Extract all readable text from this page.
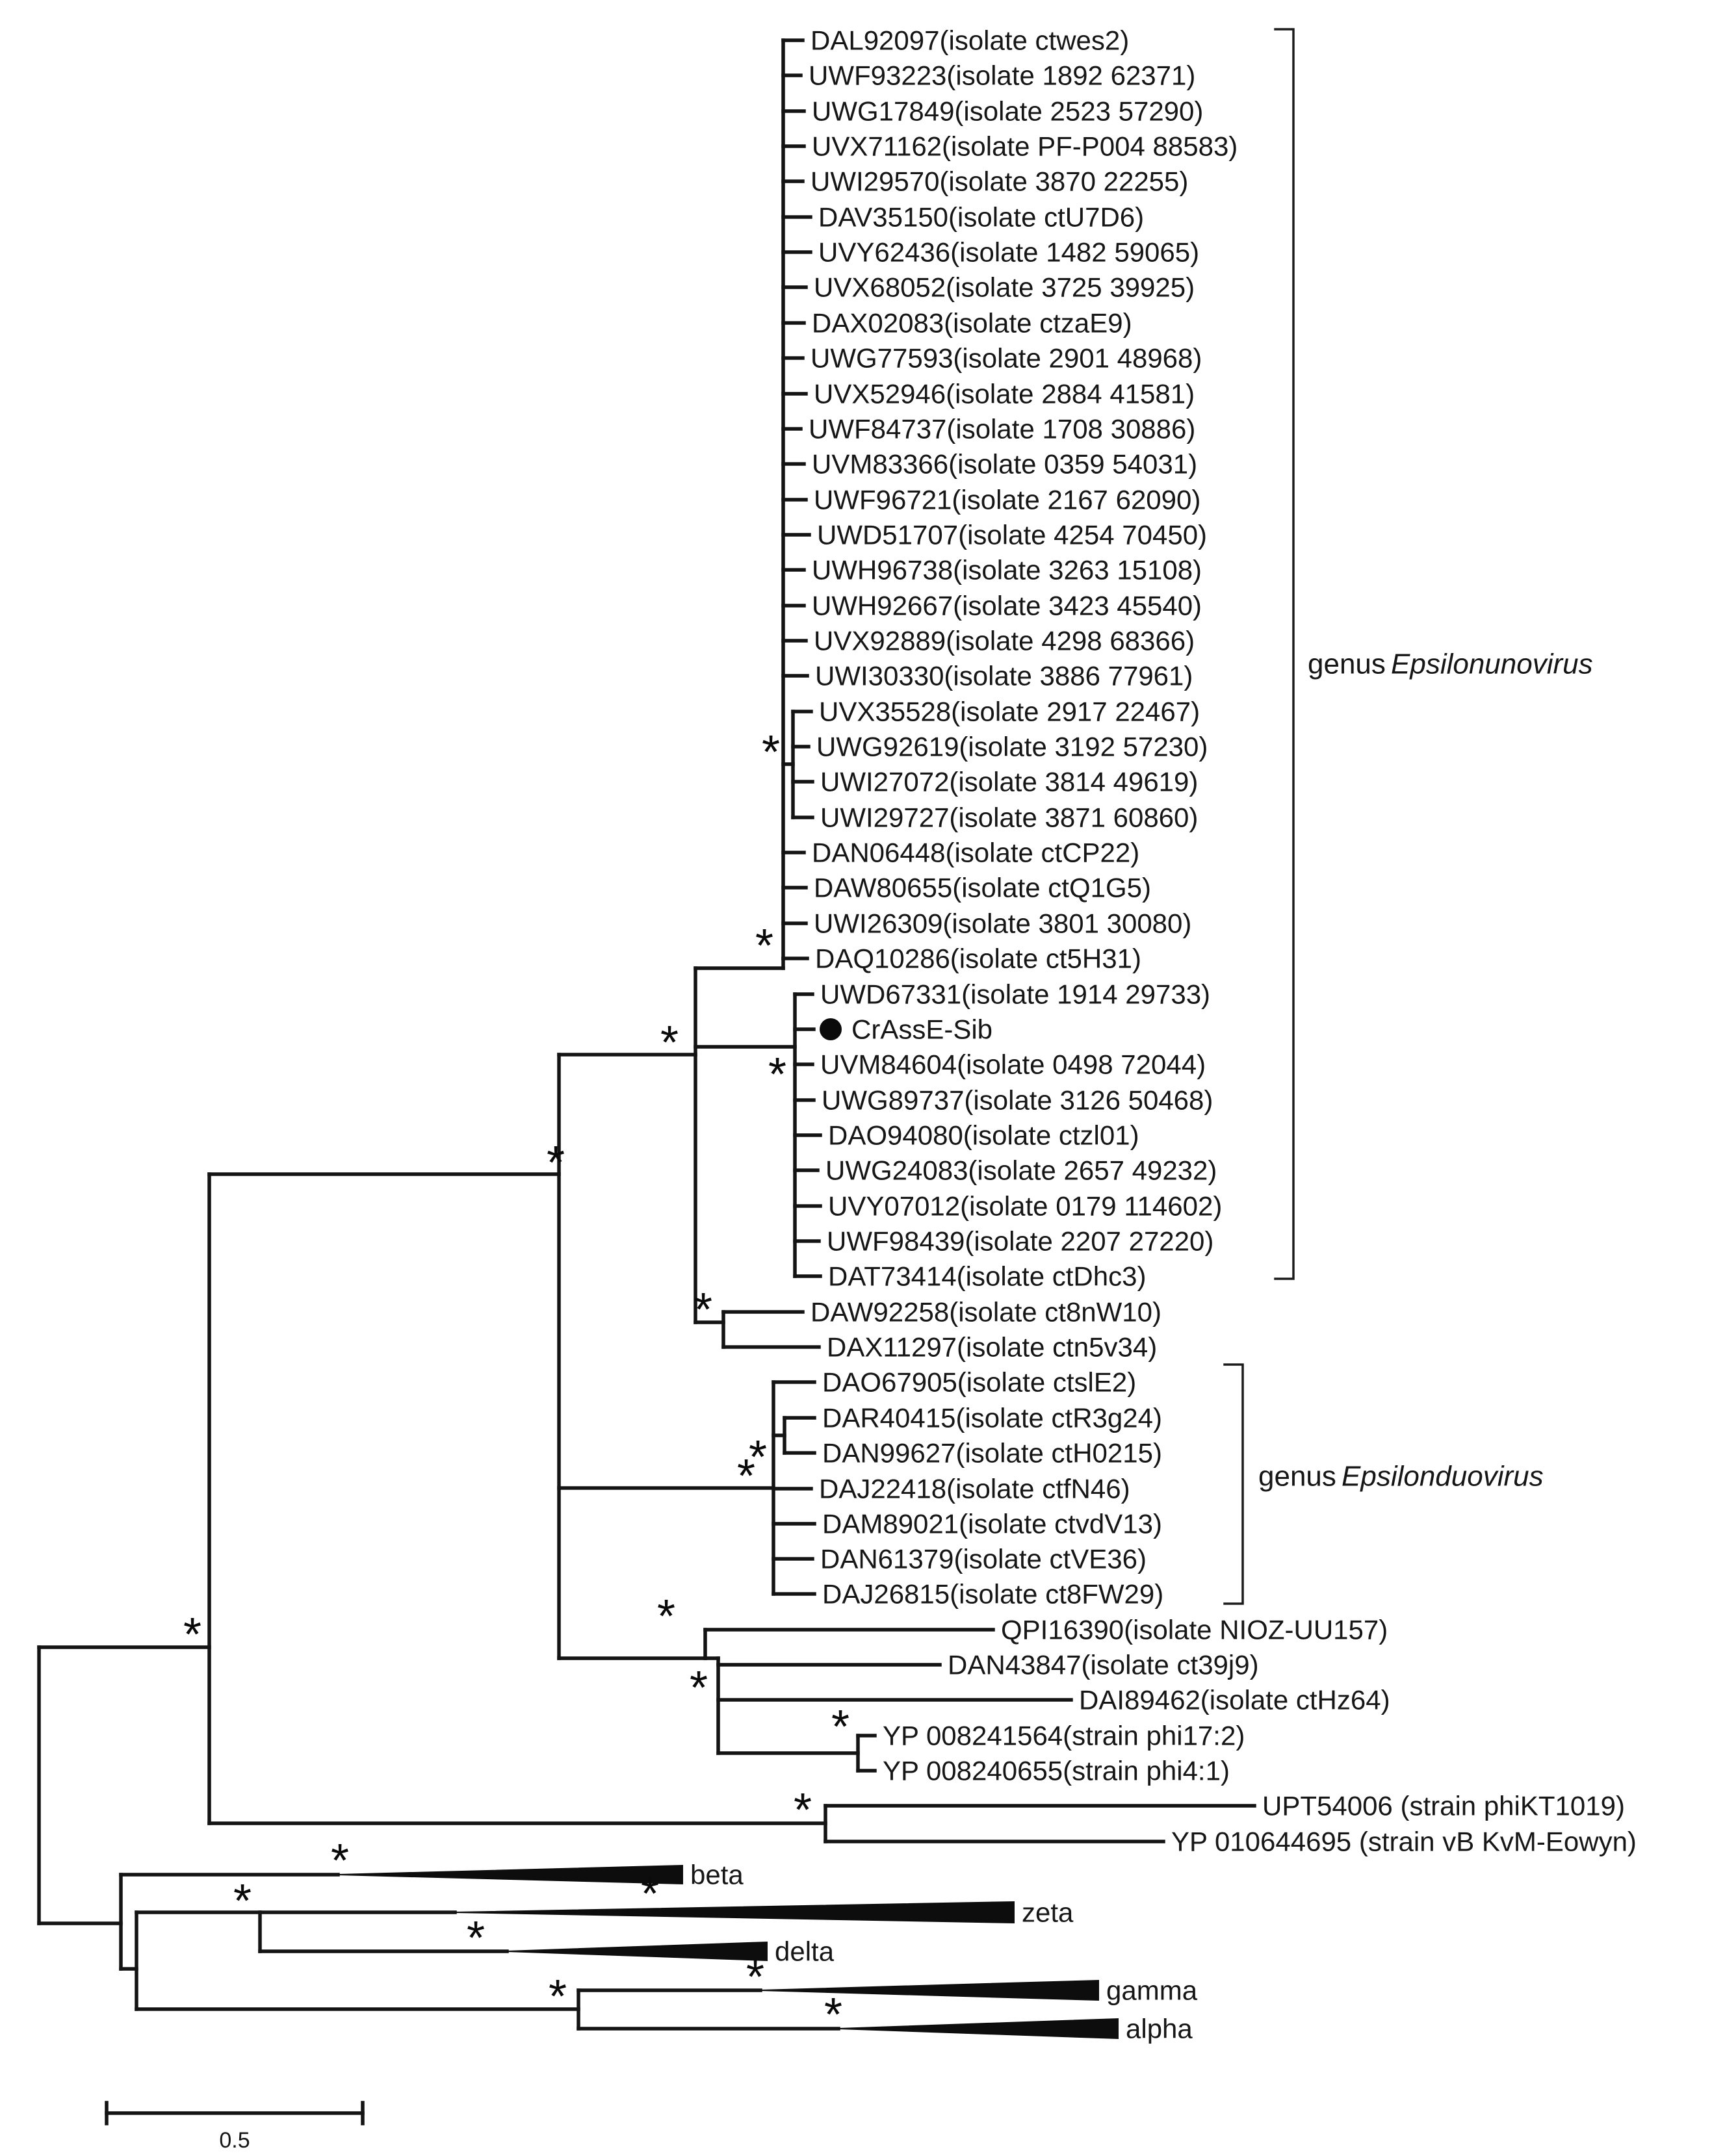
*
*
*
*
*
*
*
*
*	*
*
*
*
*
*
*
*
*	*
*
DAL92097(isolate ctwes2)
UWF93223(isolate 1892 62371)
UWG17849(isolate 2523 57290)
UVX71162(isolate PF-P004 88583)
UWI29570(isolate 3870 22255)
DAV35150(isolate ctU7D6)
UVY62436(isolate 1482 59065)
UVX68052(isolate 3725 39925)
DAX02083(isolate ctzaE9)
UWG77593(isolate 2901 48968)
UVX52946(isolate 2884 41581)
UWF84737(isolate 1708 30886)
UVM83366(isolate 0359 54031)
UWF96721(isolate 2167 62090)
UWD51707(isolate 4254 70450)
UWH96738(isolate 3263 15108)
UWH92667(isolate 3423 45540)
UVX92889(isolate 4298 68366)
UWI30330(isolate 3886 77961)
UVX35528(isolate 2917 22467)
UWG92619(isolate 3192 57230)
UWI27072(isolate 3814 49619)
UWI29727(isolate 3871 60860)
DAN06448(isolate ctCP22)
DAW80655(isolate ctQ1G5)
UWI26309(isolate 3801 30080)
DAQ10286(isolate ct5H31)
UWD67331(isolate 1914 29733)
CrAssE-Sib
UVM84604(isolate 0498 72044)
UWG89737(isolate 3126 50468)
DAO94080(isolate ctzl01)
UWG24083(isolate 2657 49232)
UVY07012(isolate 0179 114602)
UWF98439(isolate 2207 27220)
DAT73414(isolate ctDhc3)
DAW92258(isolate ct8nW10)
DAX11297(isolate ctn5v34)
DAO67905(isolate ctslE2)
DAR40415(isolate ctR3g24)
DAN99627(isolate ctH0215)
DAJ22418(isolate ctfN46)
DAM89021(isolate ctvdV13)
DAN61379(isolate ctVE36)
DAJ26815(isolate ct8FW29)
QPI16390(isolate NIOZ-UU157)
DAN43847(isolate ct39j9)
DAI89462(isolate ctHz64)
YP 008241564(strain phi17:2)
YP 008240655(strain phi4:1)
UPT54006 (strain phiKT1019)
YP 010644695 (strain vB KvM-Eowyn)
beta
zeta
delta
gamma
alpha
genus Epsilonunovirus
genus Epsilonduovirus
0.5
